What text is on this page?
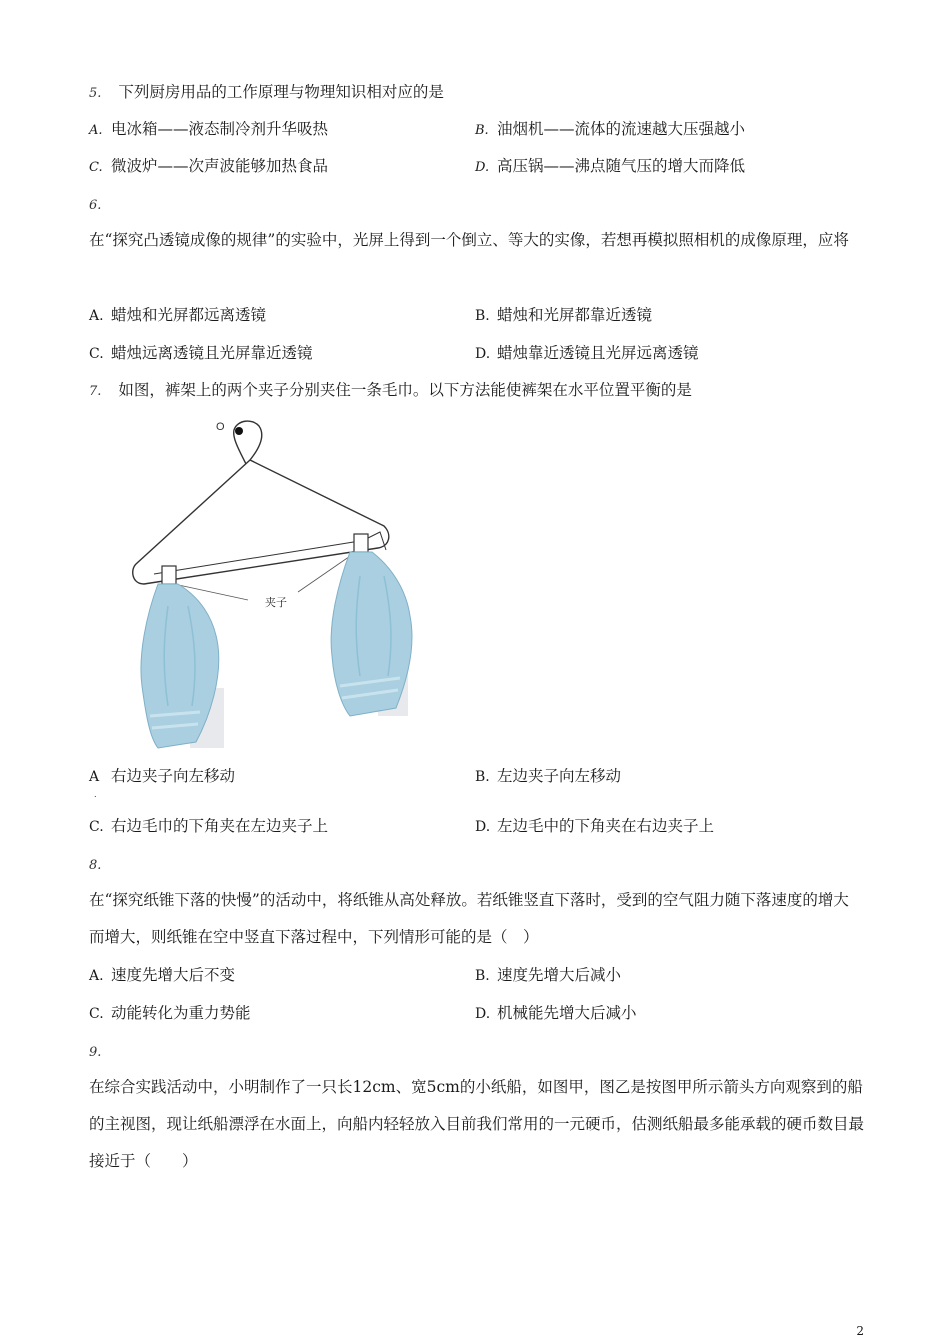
5. 下列厨房用品的工作原理与物理知识相对应的是
A. 电冰箱——液态制冷剂升华吸热	B. 油烟机——流体的流速越大压强越小
C. 微波炉——次声波能够加热食品	D. 高压锅——沸点随气压的增大而降低
6.
在“探究凸透镜成像的规律”的实验中，光屏上得到一个倒立、等大的实像，若想再模拟照相机的成像原理，应将
A. 蜡烛和光屏都远离透镜	B. 蜡烛和光屏都靠近透镜
C. 蜡烛远离透镜且光屏靠近透镜	D. 蜡烛靠近透镜且光屏远离透镜
7. 如图，裤架上的两个夹子分别夹住一条毛巾。以下方法能使裤架在水平位置平衡的是
O
夹子
A 右边夹子向左移动	B. 左边夹子向左移动
.
C. 右边毛巾的下角夹在左边夹子上	D. 左边毛中的下角夹在右边夹子上
8.
在“探究纸锥下落的快慢”的活动中，将纸锥从高处释放。若纸锥竖直下落时，受到的空气阻力随下落速度的增大而增大，则纸锥在空中竖直下落过程中，下列情形可能的是（　）
A. 速度先增大后不变	B. 速度先增大后减小
C. 动能转化为重力势能	D. 机械能先增大后减小
9.
在综合实践活动中，小明制作了一只长12cm、宽5cm的小纸船，如图甲，图乙是按图甲所示箭头方向观察到的船的主视图，现让纸船漂浮在水面上，向船内轻轻放入目前我们常用的一元硬币，估测纸船最多能承载的硬币数目最接近于（　　）
2
